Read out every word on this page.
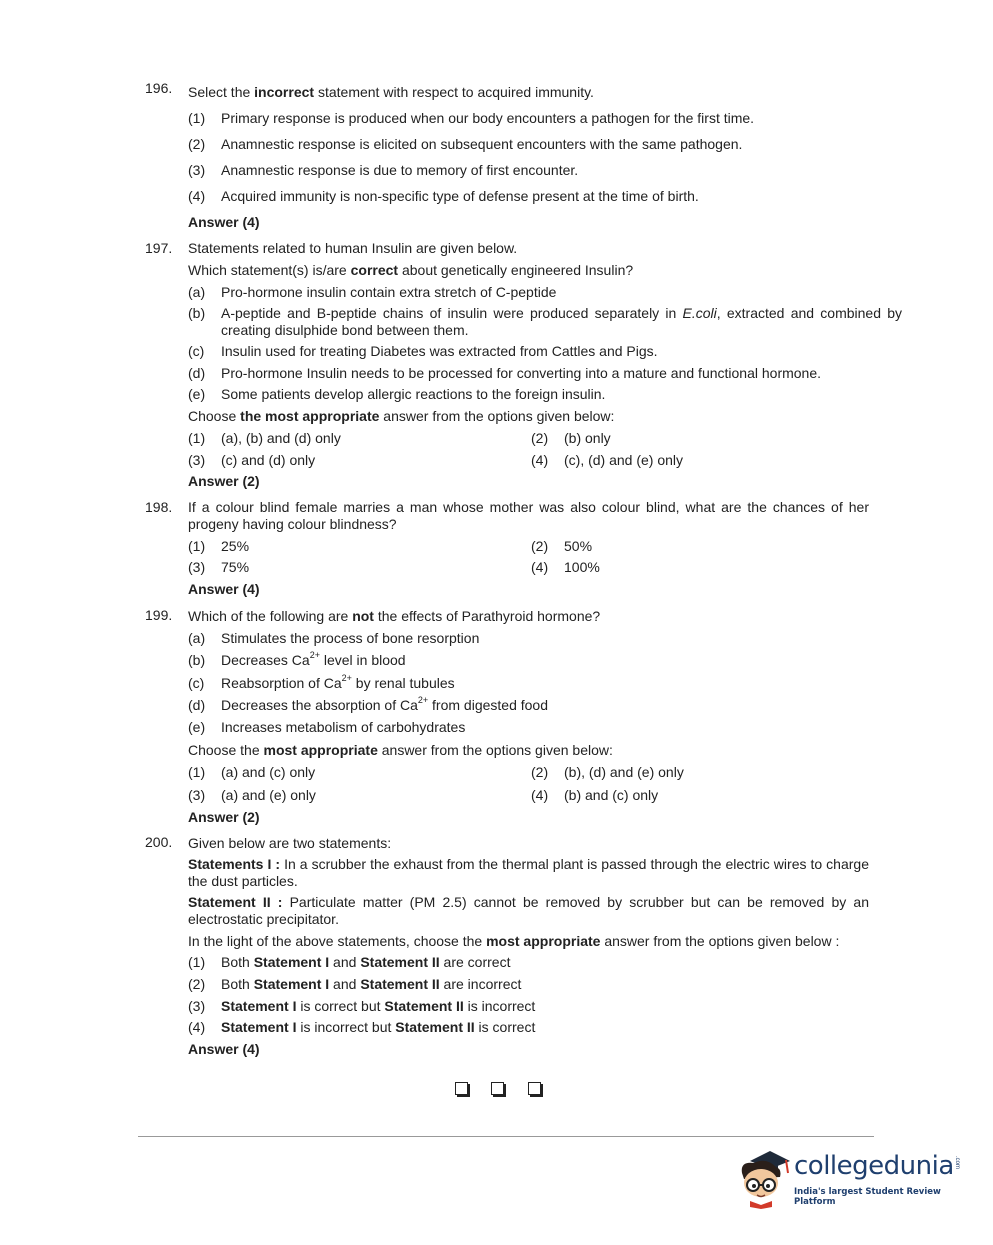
196. Select the incorrect statement with respect to acquired immunity.
(1) Primary response is produced when our body encounters a pathogen for the first time.
(2) Anamnestic response is elicited on subsequent encounters with the same pathogen.
(3) Anamnestic response is due to memory of first encounter.
(4) Acquired immunity is non-specific type of defense present at the time of birth.
Answer (4)
197. Statements related to human Insulin are given below.
Which statement(s) is/are correct about genetically engineered Insulin?
(a) Pro-hormone insulin contain extra stretch of C-peptide
(b) A-peptide and B-peptide chains of insulin were produced separately in E.coli, extracted and combined by creating disulphide bond between them.
(c) Insulin used for treating Diabetes was extracted from Cattles and Pigs.
(d) Pro-hormone Insulin needs to be processed for converting into a mature and functional hormone.
(e) Some patients develop allergic reactions to the foreign insulin.
Choose the most appropriate answer from the options given below:
(1) (a), (b) and (d) only	(2) (b) only
(3) (c) and (d) only	(4) (c), (d) and (e) only
Answer (2)
198. If a colour blind female marries a man whose mother was also colour blind, what are the chances of her progeny having colour blindness?
(1) 25%	(2) 50%
(3) 75%	(4) 100%
Answer (4)
199. Which of the following are not the effects of Parathyroid hormone?
(a) Stimulates the process of bone resorption
(b) Decreases $Ca^{2+}$ level in blood
(c) Reabsorption of $Ca^{2+}$ by renal tubules
(d) Decreases the absorption of $Ca^{2+}$ from digested food
(e) Increases metabolism of carbohydrates
Choose the most appropriate answer from the options given below:
(1) (a) and (c) only	(2) (b), (d) and (e) only
(3) (a) and (e) only	(4) (b) and (c) only
Answer (2)
200. Given below are two statements:
Statements I : In a scrubber the exhaust from the thermal plant is passed through the electric wires to charge the dust particles.
Statement II : Particulate matter (PM 2.5) cannot be removed by scrubber but can be removed by an electrostatic precipitator.
In the light of the above statements, choose the most appropriate answer from the options given below :
(1) Both Statement I and Statement II are correct
(2) Both Statement I and Statement II are incorrect
(3) Statement I is correct but Statement II is incorrect
(4) Statement I is incorrect but Statement II is correct
Answer (4)

collegedunia .com
India's largest Student Review Platform
